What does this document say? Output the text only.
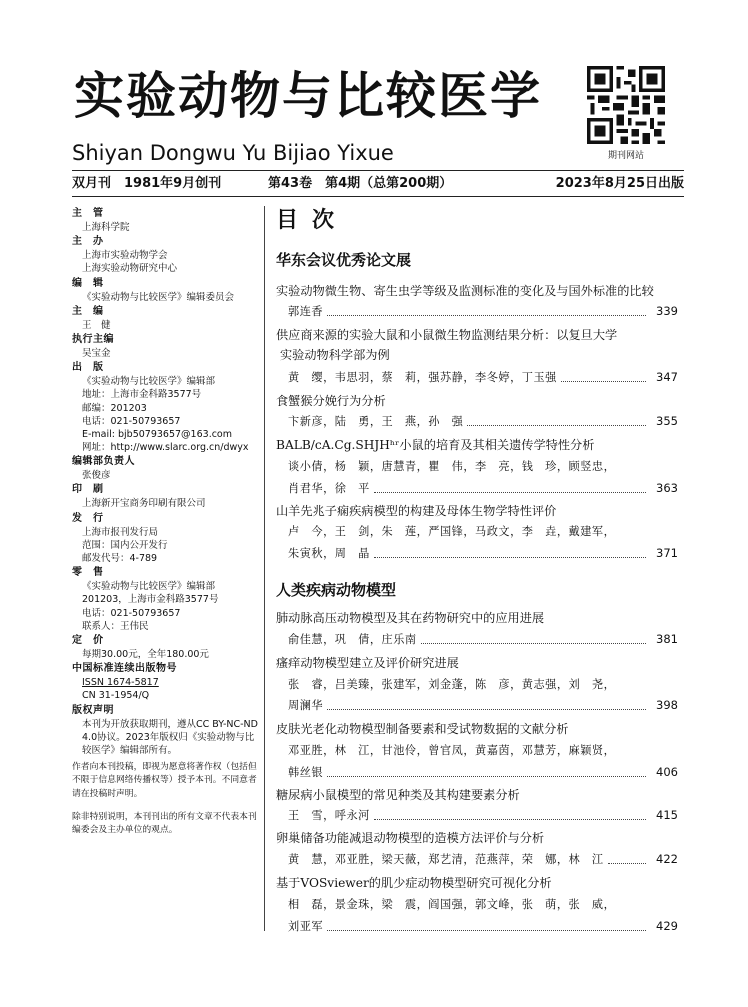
实验动物与比较医学
Shiyan Dongwu Yu Bijiao Yixue	期刊网站
双月刊　1981年9月创刊	第43卷　第4期（总第200期）	2023年8月25日出版
主　管
上海科学院
主　办
上海市实验动物学会
上海实验动物研究中心
编　辑
《实验动物与比较医学》编辑委员会
主　编
王　健
执行主编
吴宝金
出　版
《实验动物与比较医学》编辑部
地址：上海市金科路3577号
邮编：201203
电话：021-50793657
E-mail: bjb50793657@163.com
网址：http://www.slarc.org.cn/dwyx
编辑部负责人
张俊彦
印　刷
上海新开宝商务印刷有限公司
发　行
上海市报刊发行局
范围：国内公开发行
邮发代号：4-789
零　售
《实验动物与比较医学》编辑部
201203，上海市金科路3577号
电话：021-50793657
联系人：王伟民
定　价
每期30.00元，全年180.00元
中国标准连续出版物号
ISSN 1674-5817
CN 31-1954/Q
版权声明
本刊为开放获取期刊，遵从CC BY-NC-ND 4.0协议。2023年版权归《实验动物与比较医学》编辑部所有。
作者向本刊投稿，即视为愿意将著作权（包括但不限于信息网络传播权等）授予本刊。不同意者请在投稿时声明。
除非特别说明，本刊刊出的所有文章不代表本刊编委会及主办单位的观点。
目次
华东会议优秀论文展
实验动物微生物、寄生虫学等级及监测标准的变化及与国外标准的比较
郭连香	339
供应商来源的实验大鼠和小鼠微生物监测结果分析：以复旦大学
实验动物科学部为例
黄　缨，韦思羽，蔡　莉，强苏静，李冬婷，丁玉强	347
食蟹猴分娩行为分析
卞新彦，陆　勇，王　燕，孙　强	355
BALB/cA.Cg.SHJHʰʳ小鼠的培育及其相关遗传学特性分析
谈小倩，杨　颖，唐慧青，瞿　伟，李　亮，钱　珍，顾竖忠，
肖君华，徐　平	363
山羊先兆子痫疾病模型的构建及母体生物学特性评价
卢　今，王　剑，朱　莲，严国锋，马政文，李　垚，戴建军，
朱寅秋，周　晶	371
人类疾病动物模型
肺动脉高压动物模型及其在药物研究中的应用进展
俞佳慧，巩　倩，庄乐南	381
瘙痒动物模型建立及评价研究进展
张　睿，吕美臻，张建军，刘金蓬，陈　彦，黄志强，刘　尧，
周澜华	398
皮肤光老化动物模型制备要素和受试物数据的文献分析
邓亚胜，林　江，甘池伶，曾官凤，黄嘉茵，邓慧芳，麻颖贤，
韩丝银	406
糖尿病小鼠模型的常见种类及其构建要素分析
王　雪，呼永河	415
卵巢储备功能减退动物模型的造模方法评价与分析
黄　慧，邓亚胜，梁天薇，郑艺清，范燕萍，荣　娜，林　江	422
基于VOSviewer的肌少症动物模型研究可视化分析
相　磊，景金珠，梁　震，阎国强，郭文峰，张　萌，张　威，
刘亚军	429
